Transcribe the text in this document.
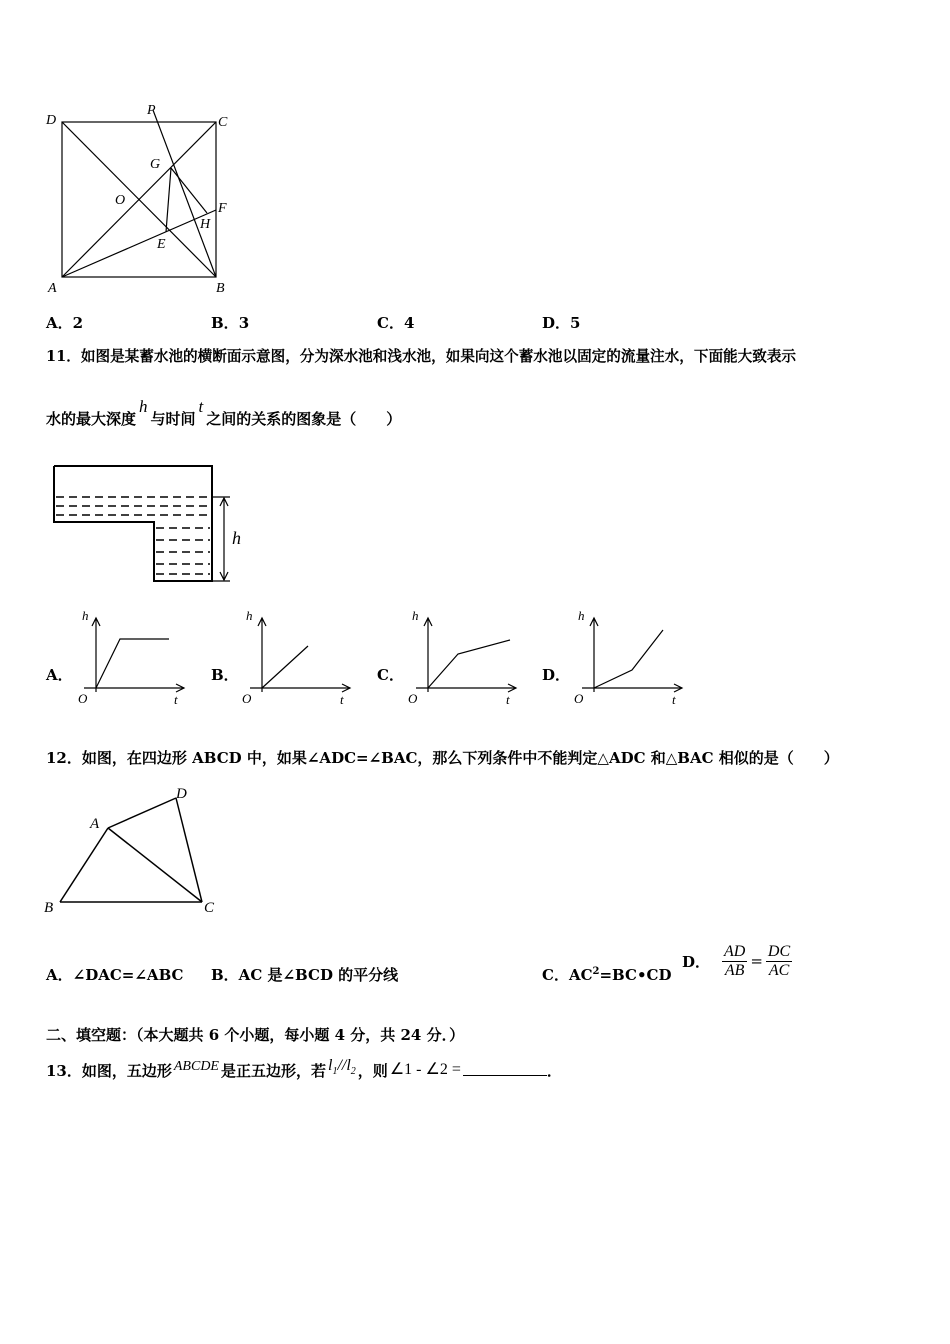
D
P
C
G
O
F
H
E
A	B
A．2	B．3	C．4	D．5
11．如图是某蓄水池的横断面示意图，分为深水池和浅水池，如果向这个蓄水池以固定的流量注水，下面能大致表示
水的最大深度h与时间t之间的关系的图象是（　　）
h
A．
h
t
O
B．
h
t
O
C．
h
t
O
D．
h
t
O
12．如图，在四边形 ABCD 中，如果∠ADC=∠BAC，那么下列条件中不能判定△ADC 和△BAC 相似的是（　　）
A
D
B	C
A．∠DAC=∠ABC B．AC 是∠BCD 的平分线	C．$AC^2=BC•CD$
D． $\frac{AD}{AB} = \frac{DC}{AC}$
二、填空题：（本大题共 6 个小题，每小题 4 分，共 24 分．）
13．如图，五边形 ABCDE 是正五边形，若 $l_1//l_2$ ，则 ∠1 - ∠2 =	．
